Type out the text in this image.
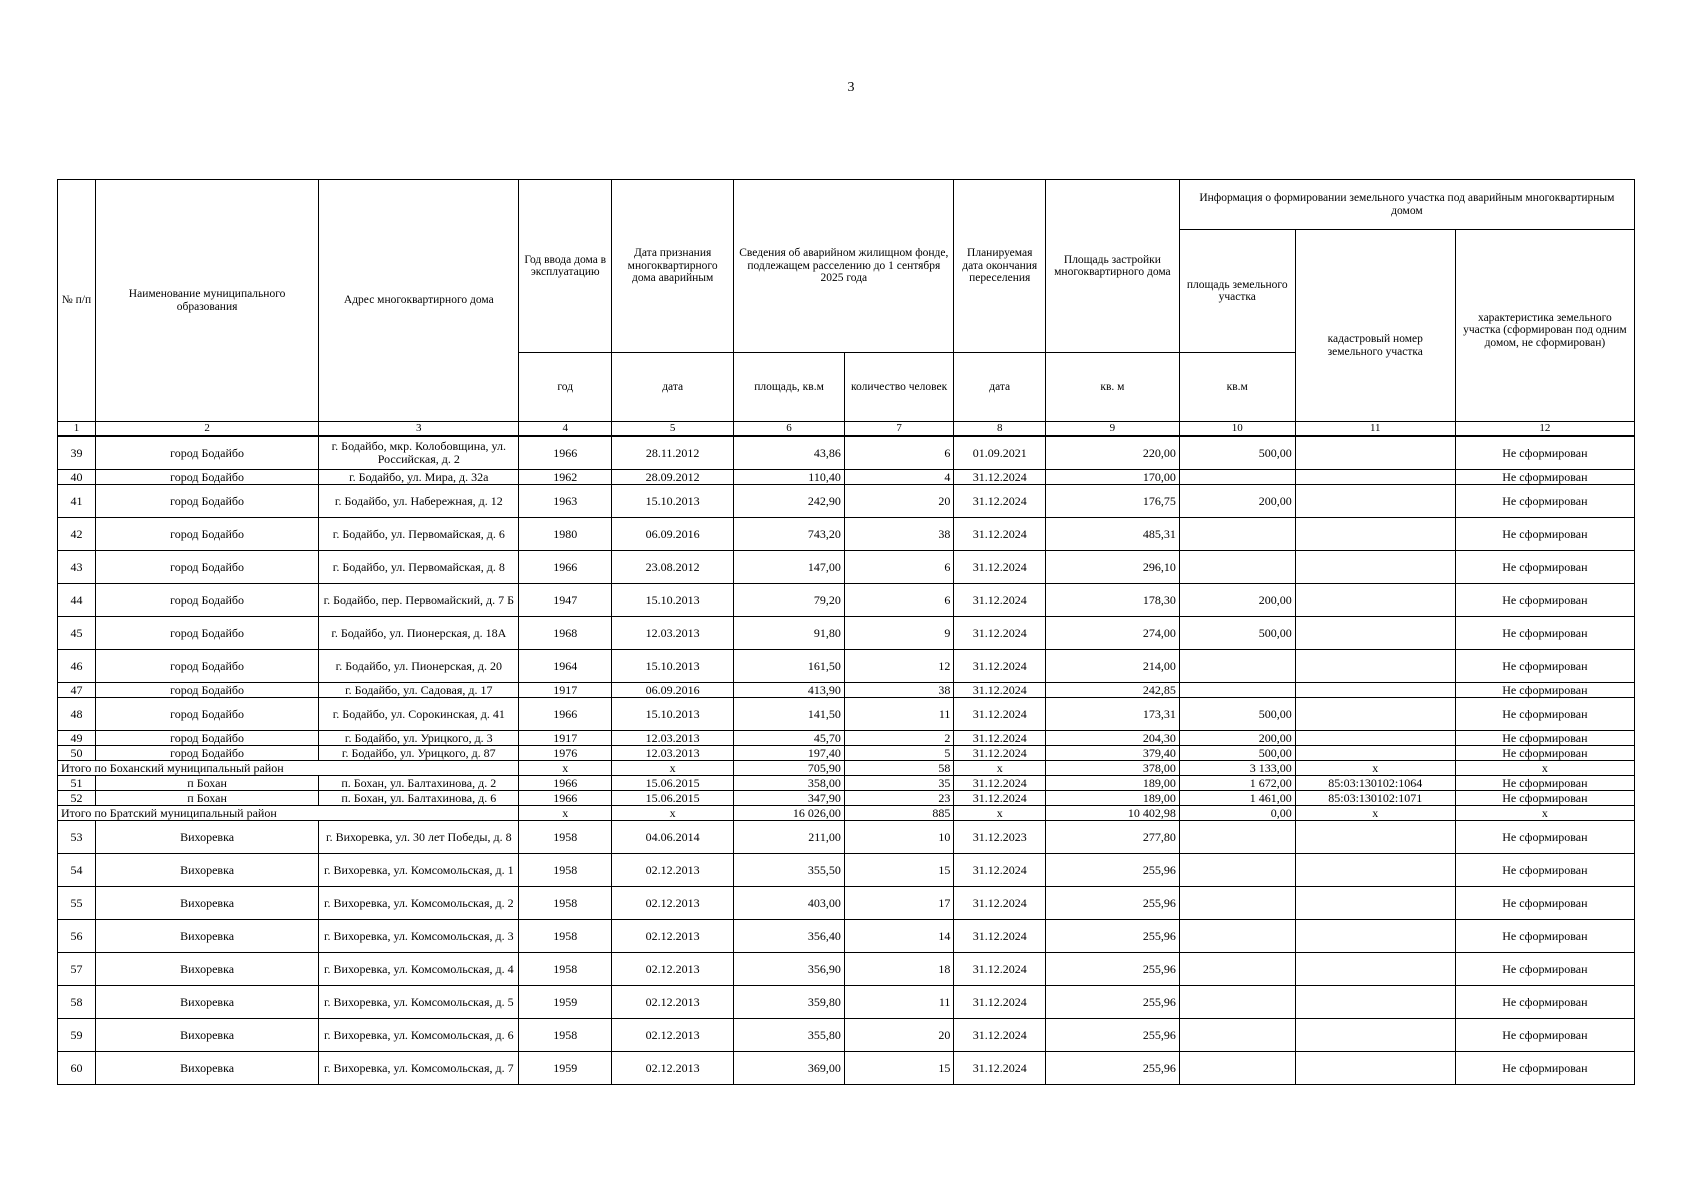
3
№ п/п	Наименование муниципального образования	Адрес многоквартирного дома	Год ввода дома в эксплуатацию	Дата признания многоквартирного дома аварийным	Сведения об аварийном жилищном фонде, подлежащем расселению до 1 сентября 2025 года		Планируемая дата окончания переселения	Площадь застройки многоквартирного дома	Информация о формировании земельного участка под аварийным многоквартирным домом		
									площадь земельного участка	кадастровый номер земельного участка	характеристика земельного участка (сформирован под одним домом, не сформирован)
			год	дата	площадь, кв.м	количество человек	дата	кв. м	кв.м		
1	2	3	4	5	6	7	8	9	10	11	12
39	город Бодайбо	г. Бодайбо, мкр. Колобовщина, ул. Российская, д. 2	1966	28.11.2012	43,86	6	01.09.2021	220,00	500,00		Не сформирован
40	город Бодайбо	г. Бодайбо, ул. Мира, д. 32а	1962	28.09.2012	110,40	4	31.12.2024	170,00			Не сформирован
41	город Бодайбо	г. Бодайбо, ул. Набережная, д. 12	1963	15.10.2013	242,90	20	31.12.2024	176,75	200,00		Не сформирован
42	город Бодайбо	г. Бодайбо, ул. Первомайская, д. 6	1980	06.09.2016	743,20	38	31.12.2024	485,31			Не сформирован
43	город Бодайбо	г. Бодайбо, ул. Первомайская, д. 8	1966	23.08.2012	147,00	6	31.12.2024	296,10			Не сформирован
44	город Бодайбо	г. Бодайбо, пер. Первомайский, д. 7 Б	1947	15.10.2013	79,20	6	31.12.2024	178,30	200,00		Не сформирован
45	город Бодайбо	г. Бодайбо, ул. Пионерская, д. 18А	1968	12.03.2013	91,80	9	31.12.2024	274,00	500,00		Не сформирован
46	город Бодайбо	г. Бодайбо, ул. Пионерская, д. 20	1964	15.10.2013	161,50	12	31.12.2024	214,00			Не сформирован
47	город Бодайбо	г. Бодайбо, ул. Садовая, д. 17	1917	06.09.2016	413,90	38	31.12.2024	242,85			Не сформирован
48	город Бодайбо	г. Бодайбо, ул. Сорокинская, д. 41	1966	15.10.2013	141,50	11	31.12.2024	173,31	500,00		Не сформирован
49	город Бодайбо	г. Бодайбо, ул. Урицкого, д. 3	1917	12.03.2013	45,70	2	31.12.2024	204,30	200,00		Не сформирован
50	город Бодайбо	г. Бодайбо, ул. Урицкого, д. 87	1976	12.03.2013	197,40	5	31.12.2024	379,40	500,00		Не сформирован
Итого по Боханский муниципальный район			x	x	705,90	58	x	378,00	3 133,00	x	x
51	п Бохан	п. Бохан, ул. Балтахинова, д. 2	1966	15.06.2015	358,00	35	31.12.2024	189,00	1 672,00	85:03:130102:1064	Не сформирован
52	п Бохан	п. Бохан, ул. Балтахинова, д. 6	1966	15.06.2015	347,90	23	31.12.2024	189,00	1 461,00	85:03:130102:1071	Не сформирован
Итого по Братский муниципальный район			x	x	16 026,00	885	x	10 402,98	0,00	x	x
53	Вихоревка	г. Вихоревка, ул. 30 лет Победы, д. 8	1958	04.06.2014	211,00	10	31.12.2023	277,80			Не сформирован
54	Вихоревка	г. Вихоревка, ул. Комсомольская, д. 1	1958	02.12.2013	355,50	15	31.12.2024	255,96			Не сформирован
55	Вихоревка	г. Вихоревка, ул. Комсомольская, д. 2	1958	02.12.2013	403,00	17	31.12.2024	255,96			Не сформирован
56	Вихоревка	г. Вихоревка, ул. Комсомольская, д. 3	1958	02.12.2013	356,40	14	31.12.2024	255,96			Не сформирован
57	Вихоревка	г. Вихоревка, ул. Комсомольская, д. 4	1958	02.12.2013	356,90	18	31.12.2024	255,96			Не сформирован
58	Вихоревка	г. Вихоревка, ул. Комсомольская, д. 5	1959	02.12.2013	359,80	11	31.12.2024	255,96			Не сформирован
59	Вихоревка	г. Вихоревка, ул. Комсомольская, д. 6	1958	02.12.2013	355,80	20	31.12.2024	255,96			Не сформирован
60	Вихоревка	г. Вихоревка, ул. Комсомольская, д. 7	1959	02.12.2013	369,00	15	31.12.2024	255,96			Не сформирован
